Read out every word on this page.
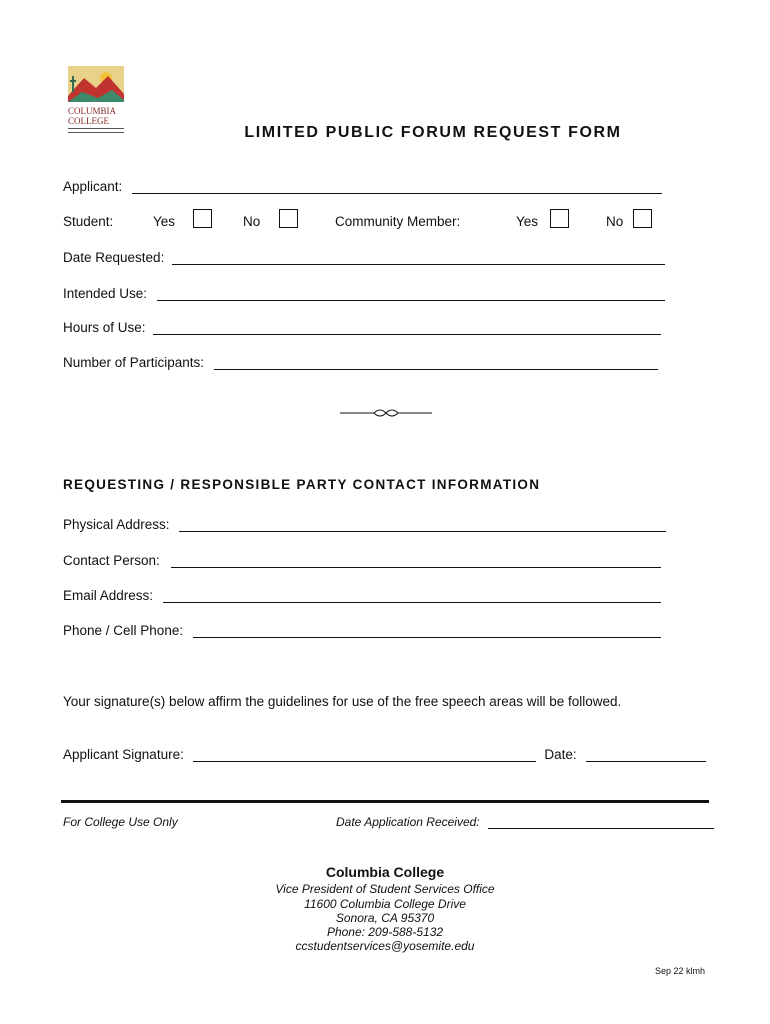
COLUMBIA
COLLEGE
LIMITED PUBLIC FORUM REQUEST FORM
Applicant:
Student:	Yes	No	Community Member:	Yes	No
Date Requested:
Intended Use:
Hours of Use:
Number of Participants:
REQUESTING / RESPONSIBLE PARTY CONTACT INFORMATION
Physical Address:
Contact Person:
Email Address:
Phone / Cell Phone:
Your signature(s) below affirm the guidelines for use of the free speech areas will be followed.
Applicant Signature:	Date:
For College Use Only	Date Application Received:
Columbia College
Vice President of Student Services Office
11600 Columbia College Drive
Sonora, CA 95370
Phone: 209-588-5132
ccstudentservices@yosemite.edu
Sep 22 klmh
